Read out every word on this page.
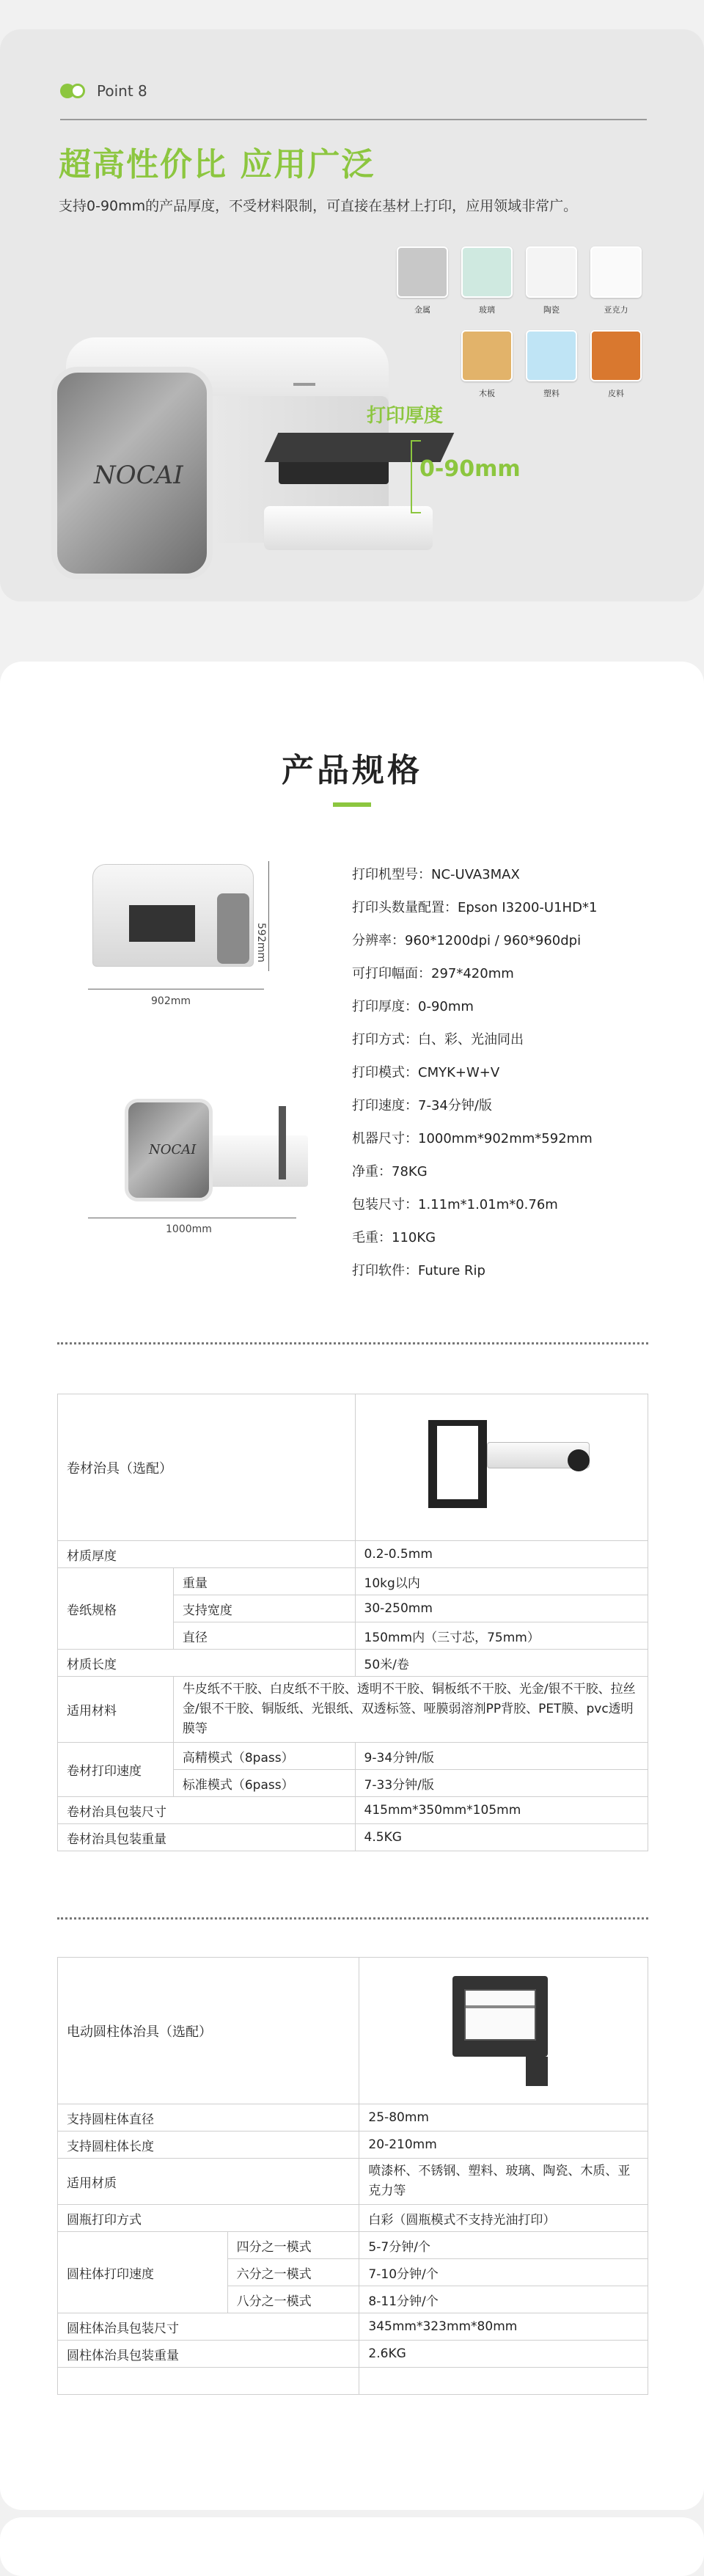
Point 8
超高性价比 应用广泛
支持0-90mm的产品厚度，不受材料限制，可直接在基材上打印，应用领域非常广。
金属	玻璃	陶瓷	亚克力
木板	塑料	皮料
NOCAI
打印厚度
0-90mm
产品规格
902mm
592mm
NOCAI
1000mm
打印机型号：NC-UVA3MAX
打印头数量配置：Epson I3200-U1HD*1
分辨率：960*1200dpi / 960*960dpi
可打印幅面：297*420mm
打印厚度：0-90mm
打印方式：白、彩、光油同出
打印模式：CMYK+W+V
打印速度：7-34分钟/版
机器尺寸：1000mm*902mm*592mm
净重：78KG
包装尺寸：1.11m*1.01m*0.76m
毛重：110KG
打印软件：Future Rip
卷材治具（选配）		

材质厚度		0.2-0.5mm
卷纸规格	重量	10kg以内
	支持宽度	30-250mm
	直径	150mm内（三寸芯，75mm）
材质长度		50米/卷
适用材料	牛皮纸不干胶、白皮纸不干胶、透明不干胶、铜板纸不干胶、光金/银不干胶、拉丝金/银不干胶、铜版纸、光银纸、双透标签、哑膜弱溶剂PP背胶、PET膜、pvc透明膜等	
卷材打印速度	高精模式（8pass）	9-34分钟/版
	标准模式（6pass）	7-33分钟/版
卷材治具包装尺寸		415mm*350mm*105mm
卷材治具包装重量		4.5KG
电动圆柱体治具（选配）		

支持圆柱体直径		25-80mm
支持圆柱体长度		20-210mm
适用材质		喷漆杯、不锈钢、塑料、玻璃、陶瓷、木质、亚克力等
圆瓶打印方式		白彩（圆瓶模式不支持光油打印）
圆柱体打印速度	四分之一模式	5-7分钟/个
	六分之一模式	7-10分钟/个
	八分之一模式	8-11分钟/个
圆柱体治具包装尺寸		345mm*323mm*80mm
圆柱体治具包装重量		2.6KG
